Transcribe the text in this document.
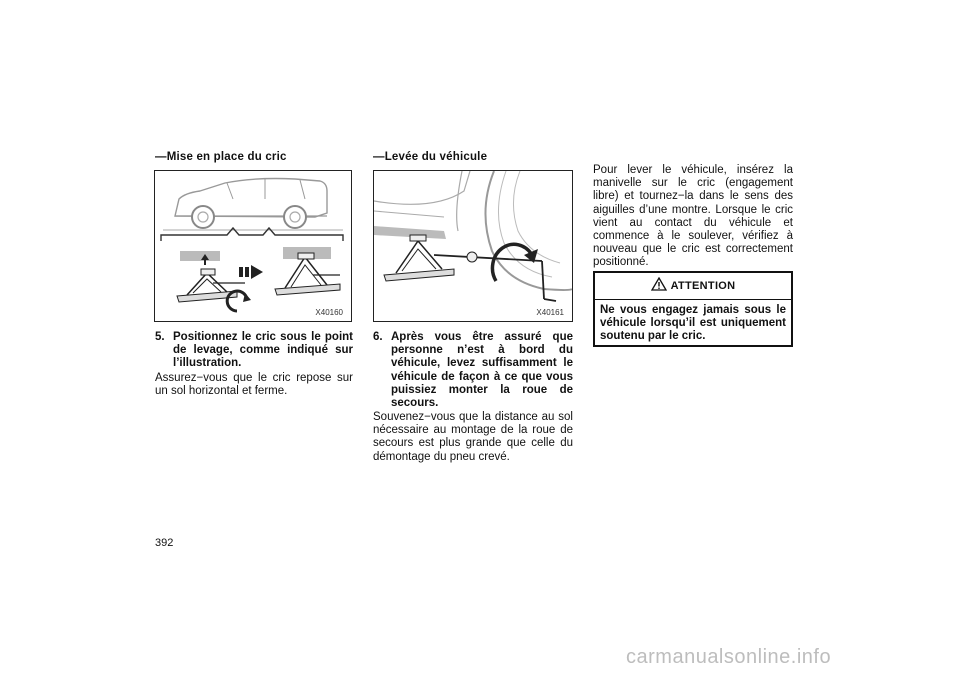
—Mise en place du cric
X40160
5. Positionnez le cric sous le point de levage, comme indiqué sur l’illustration.
Assurez−vous que le cric repose sur un sol horizontal et ferme.
—Levée du véhicule
X40161
6. Après vous être assuré que personne n’est à bord du véhicule, levez suffisamment le véhicule de façon à ce que vous puissiez monter la roue de secours.
Souvenez−vous que la distance au sol nécessaire au montage de la roue de secours est plus grande que celle du démontage du pneu crevé.
Pour lever le véhicule, insérez la manivelle sur le cric (engagement libre) et tournez−la dans le sens des aiguilles d’une montre. Lorsque le cric vient au contact du véhicule et commence à le soulever, vérifiez à nouveau que le cric est correctement positionné.
ATTENTION
Ne vous engagez jamais sous le véhicule lorsqu’il est uniquement soutenu par le cric.
392
carmanualsonline.info
